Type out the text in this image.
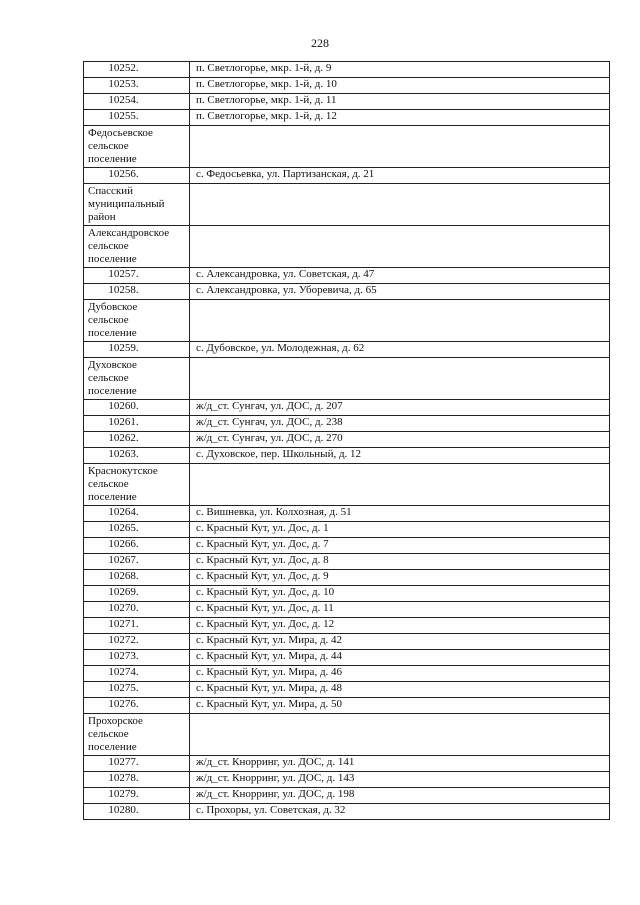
228
10252.	п. Светлогорье, мкр. 1-й, д. 9
10253.	п. Светлогорье, мкр. 1-й, д. 10
10254.	п. Светлогорье, мкр. 1-й, д. 11
10255.	п. Светлогорье, мкр. 1-й, д. 12

Федосьевское
сельское
поселение	

10256.	с. Федосьевка, ул. Партизанская, д. 21

Спасский
муниципальный
район	

Александровское
сельское
поселение	

10257.	с. Александровка, ул. Советская, д. 47
10258.	с. Александровка, ул. Уборевича, д. 65

Дубовское
сельское
поселение	

10259.	с. Дубовское, ул. Молодежная, д. 62

Духовское
сельское
поселение	

10260.	ж/д_ст. Сунгач, ул. ДОС, д. 207
10261.	ж/д_ст. Сунгач, ул. ДОС, д. 238
10262.	ж/д_ст. Сунгач, ул. ДОС, д. 270
10263.	с. Духовское, пер. Школьный, д. 12

Краснокутское
сельское
поселение	

10264.	с. Вишневка, ул. Колхозная, д. 51
10265.	с. Красный Кут, ул. Дос, д. 1
10266.	с. Красный Кут, ул. Дос, д. 7
10267.	с. Красный Кут, ул. Дос, д. 8
10268.	с. Красный Кут, ул. Дос, д. 9
10269.	с. Красный Кут, ул. Дос, д. 10
10270.	с. Красный Кут, ул. Дос, д. 11
10271.	с. Красный Кут, ул. Дос, д. 12
10272.	с. Красный Кут, ул. Мира, д. 42
10273.	с. Красный Кут, ул. Мира, д. 44
10274.	с. Красный Кут, ул. Мира, д. 46
10275.	с. Красный Кут, ул. Мира, д. 48
10276.	с. Красный Кут, ул. Мира, д. 50

Прохорское
сельское
поселение	

10277.	ж/д_ст. Кнорринг, ул. ДОС, д. 141
10278.	ж/д_ст. Кнорринг, ул. ДОС, д. 143
10279.	ж/д_ст. Кнорринг, ул. ДОС, д. 198
10280.	с. Прохоры, ул. Советская, д. 32
